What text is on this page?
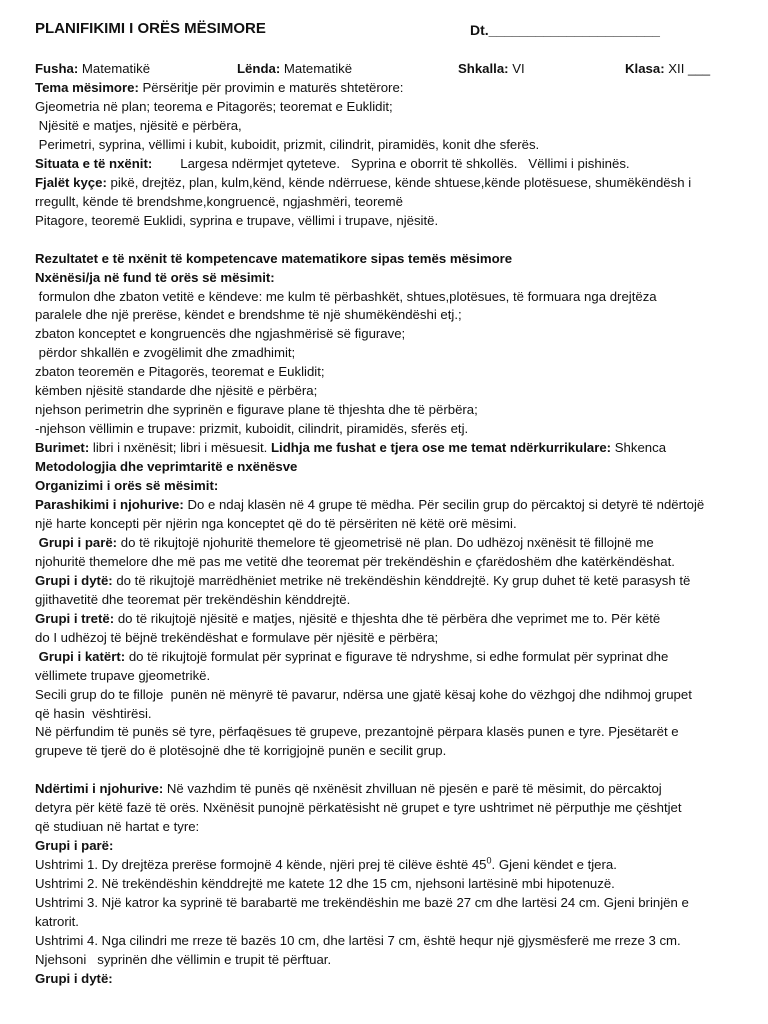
PLANIFIKIMI I ORËS MËSIMORE	Dt.______________________
Fusha: Matematikë	Lënda: Matematikë	Shkalla: VI	Klasa: XII ___

Tema mësimore: Përsëritje për provimin e maturës shtetërore:

Gjeometria në plan; teorema e Pitagorës; teoremat e Euklidit;

Njësitë e matjes, njësitë e përbëra,

Perimetri, syprina, vëllimi i kubit, kuboidit, prizmit, cilindrit, piramidës, konit dhe sferës.

Situata e të nxënit: Largesa ndërmjet qyteteve.   Syprina e oborrit të shkollës.   Vëllimi i pishinës.

Fjalët kyçe: pikë, drejtëz, plan, kulm,kënd, kënde ndërruese, kënde shtuese,kënde plotësuese, shumëkëndësh i

rregullt, kënde të brendshme,kongruencë, ngjashmëri, teoremë

Pitagore, teoremë Euklidi, syprina e trupave, vëllimi i trupave, njësitë.

Rezultatet e të nxënit të kompetencave matematikore sipas temës mësimore

Nxënësi/ja në fund të orës së mësimit:

formulon dhe zbaton vetitë e këndeve: me kulm të përbashkët, shtues,plotësues, të formuara nga drejtëza

paralele dhe një prerëse, këndet e brendshme të një shumëkëndëshi etj.;

zbaton konceptet e kongruencës dhe ngjashmërisë së figurave;

përdor shkallën e zvogëlimit dhe zmadhimit;

zbaton teoremën e Pitagorës, teoremat e Euklidit;

këmben njësitë standarde dhe njësitë e përbëra;

njehson perimetrin dhe syprinën e figurave plane të thjeshta dhe të përbëra;

-njehson vëllimin e trupave: prizmit, kuboidit, cilindrit, piramidës, sferës etj.

Burimet: libri i nxënësit; libri i mësuesit. Lidhja me fushat e tjera ose me temat ndërkurrikulare: Shkenca

Metodologjia dhe veprimtaritë e nxënësve

Organizimi i orës së mësimit:

Parashikimi i njohurive: Do e ndaj klasën në 4 grupe të mëdha. Për secilin grup do përcaktoj si detyrë të ndërtojë

një harte koncepti për njërin nga konceptet që do të përsëriten në këtë orë mësimi.

Grupi i parë: do të rikujtojë njohuritë themelore të gjeometrisë në plan. Do udhëzoj nxënësit të fillojnë me

njohuritë themelore dhe më pas me vetitë dhe teoremat për trekëndëshin e çfarëdoshëm dhe katërkëndëshat.

Grupi i dytë: do të rikujtojë marrëdhëniet metrike në trekëndëshin kënddrejtë. Ky grup duhet të ketë parasysh të

gjithavetitë dhe teoremat për trekëndëshin kënddrejtë.

Grupi i tretë: do të rikujtojë njësitë e matjes, njësitë e thjeshta dhe të përbëra dhe veprimet me to. Për këtë

do I udhëzoj të bëjnë trekëndëshat e formulave për njësitë e përbëra;

Grupi i katërt: do të rikujtojë formulat për syprinat e figurave të ndryshme, si edhe formulat për syprinat dhe

vëllimete trupave gjeometrikë.

Secili grup do te filloje  punën në mënyrë të pavarur, ndërsa une gjatë kësaj kohe do vëzhgoj dhe ndihmoj grupet

që hasin  vështirësi.

Në përfundim të punës së tyre, përfaqësues të grupeve, prezantojnë përpara klasës punen e tyre. Pjesëtarët e

grupeve të tjerë do ë plotësojnë dhe të korrigjojnë punën e secilit grup.

Ndërtimi i njohurive: Në vazhdim të punës që nxënësit zhvilluan në pjesën e parë të mësimit, do përcaktoj

detyra për këtë fazë të orës. Nxënësit punojnë përkatësisht në grupet e tyre ushtrimet në përputhje me çështjet

që studiuan në hartat e tyre:

Grupi i parë:

Ushtrimi 1. Dy drejtëza prerëse formojnë 4 kënde, njëri prej të cilëve është $45^0$. Gjeni këndet e tjera.

Ushtrimi 2. Në trekëndëshin kënddrejtë me katete 12 dhe 15 cm, njehsoni lartësinë mbi hipotenuzë.

Ushtrimi 3. Një katror ka syprinë të barabartë me trekëndëshin me bazë 27 cm dhe lartësi 24 cm. Gjeni brinjën e

katrorit.

Ushtrimi 4. Nga cilindri me rreze të bazës 10 cm, dhe lartësi 7 cm, është hequr një gjysmësferë me rreze 3 cm.

Njehsoni   syprinën dhe vëllimin e trupit të përftuar.

Grupi i dytë:
